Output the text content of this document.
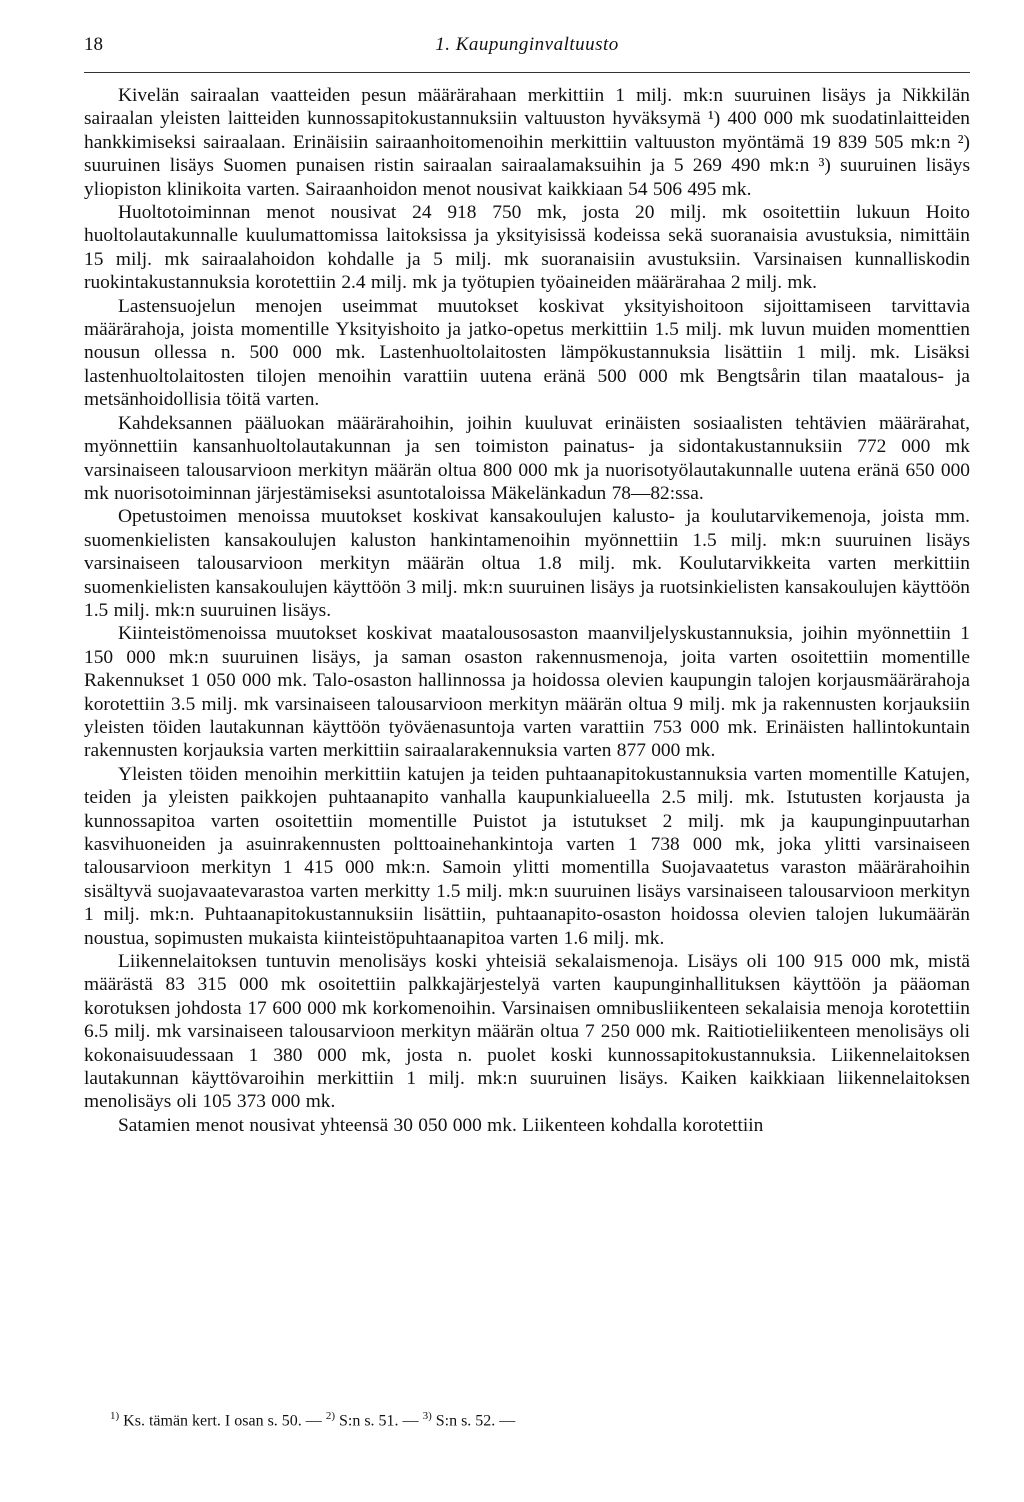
18	1. Kaupunginvaltuusto

Kivelän sairaalan vaatteiden pesun määrärahaan merkittiin 1 milj. mk:n suuruinen lisäys ja Nikkilän sairaalan yleisten laitteiden kunnossapitokustannuksiin valtuuston hyväksymä ¹) 400 000 mk suodatinlaitteiden hankkimiseksi sairaalaan. Erinäisiin sairaanhoitomenoihin merkittiin valtuuston myöntämä 19 839 505 mk:n ²) suuruinen lisäys Suomen punaisen ristin sairaalan sairaalamaksuihin ja 5 269 490 mk:n ³) suuruinen lisäys yliopiston klinikoita varten. Sairaanhoidon menot nousivat kaikkiaan 54 506 495 mk.

Huoltotoiminnan menot nousivat 24 918 750 mk, josta 20 milj. mk osoitettiin lukuun Hoito huoltolautakunnalle kuulumattomissa laitoksissa ja yksityisissä kodeissa sekä suoranaisia avustuksia, nimittäin 15 milj. mk sairaalahoidon kohdalle ja 5 milj. mk suoranaisiin avustuksiin. Varsinaisen kunnalliskodin ruokintakustannuksia korotettiin 2.4 milj. mk ja työtupien työaineiden määrärahaa 2 milj. mk.

Lastensuojelun menojen useimmat muutokset koskivat yksityishoitoon sijoittamiseen tarvittavia määrärahoja, joista momentille Yksityishoito ja jatko-opetus merkittiin 1.5 milj. mk luvun muiden momenttien nousun ollessa n. 500 000 mk. Lastenhuoltolaitosten lämpökustannuksia lisättiin 1 milj. mk. Lisäksi lastenhuoltolaitosten tilojen menoihin varattiin uutena eränä 500 000 mk Bengtsårin tilan maatalous- ja metsänhoidollisia töitä varten.

Kahdeksannen pääluokan määrärahoihin, joihin kuuluvat erinäisten sosiaalisten tehtävien määrärahat, myönnettiin kansanhuoltolautakunnan ja sen toimiston painatus- ja sidontakustannuksiin 772 000 mk varsinaiseen talousarvioon merkityn määrän oltua 800 000 mk ja nuorisotyölautakunnalle uutena eränä 650 000 mk nuorisotoiminnan järjestämiseksi asuntotaloissa Mäkelänkadun 78—82:ssa.

Opetustoimen menoissa muutokset koskivat kansakoulujen kalusto- ja koulutarvikemenoja, joista mm. suomenkielisten kansakoulujen kaluston hankintamenoihin myönnettiin 1.5 milj. mk:n suuruinen lisäys varsinaiseen talousarvioon merkityn määrän oltua 1.8 milj. mk. Koulutarvikkeita varten merkittiin suomenkielisten kansakoulujen käyttöön 3 milj. mk:n suuruinen lisäys ja ruotsinkielisten kansakoulujen käyttöön 1.5 milj. mk:n suuruinen lisäys.

Kiinteistömenoissa muutokset koskivat maatalousosaston maanviljelyskustannuksia, joihin myönnettiin 1 150 000 mk:n suuruinen lisäys, ja saman osaston rakennusmenoja, joita varten osoitettiin momentille Rakennukset 1 050 000 mk. Talo-osaston hallinnossa ja hoidossa olevien kaupungin talojen korjausmäärärahoja korotettiin 3.5 milj. mk varsinaiseen talousarvioon merkityn määrän oltua 9 milj. mk ja rakennusten korjauksiin yleisten töiden lautakunnan käyttöön työväenasuntoja varten varattiin 753 000 mk. Erinäisten hallintokuntain rakennusten korjauksia varten merkittiin sairaalarakennuksia varten 877 000 mk.

Yleisten töiden menoihin merkittiin katujen ja teiden puhtaanapitokustannuksia varten momentille Katujen, teiden ja yleisten paikkojen puhtaanapito vanhalla kaupunkialueella 2.5 milj. mk. Istutusten korjausta ja kunnossapitoa varten osoitettiin momentille Puistot ja istutukset 2 milj. mk ja kaupunginpuutarhan kasvihuoneiden ja asuinrakennusten polttoainehankintoja varten 1 738 000 mk, joka ylitti varsinaiseen talousarvioon merkityn 1 415 000 mk:n. Samoin ylitti momentilla Suojavaatetus varaston määrärahoihin sisältyvä suojavaatevarastoa varten merkitty 1.5 milj. mk:n suuruinen lisäys varsinaiseen talousarvioon merkityn 1 milj. mk:n. Puhtaanapitokustannuksiin lisättiin, puhtaanapito-osaston hoidossa olevien talojen lukumäärän noustua, sopimusten mukaista kiinteistöpuhtaanapitoa varten 1.6 milj. mk.

Liikennelaitoksen tuntuvin menolisäys koski yhteisiä sekalaismenoja. Lisäys oli 100 915 000 mk, mistä määrästä 83 315 000 mk osoitettiin palkkajärjestelyä varten kaupunginhallituksen käyttöön ja pääoman korotuksen johdosta 17 600 000 mk korkomenoihin. Varsinaisen omnibusliikenteen sekalaisia menoja korotettiin 6.5 milj. mk varsinaiseen talousarvioon merkityn määrän oltua 7 250 000 mk. Raitiotieliikenteen menolisäys oli kokonaisuudessaan 1 380 000 mk, josta n. puolet koski kunnossapitokustannuksia. Liikennelaitoksen lautakunnan käyttövaroihin merkittiin 1 milj. mk:n suuruinen lisäys. Kaiken kaikkiaan liikennelaitoksen menolisäys oli 105 373 000 mk.

Satamien menot nousivat yhteensä 30 050 000 mk. Liikenteen kohdalla korotettiin

$^{1)}$ Ks. tämän kert. I osan s. 50. — $^{2)}$ S:n s. 51. — $^{3)}$ S:n s. 52. —
